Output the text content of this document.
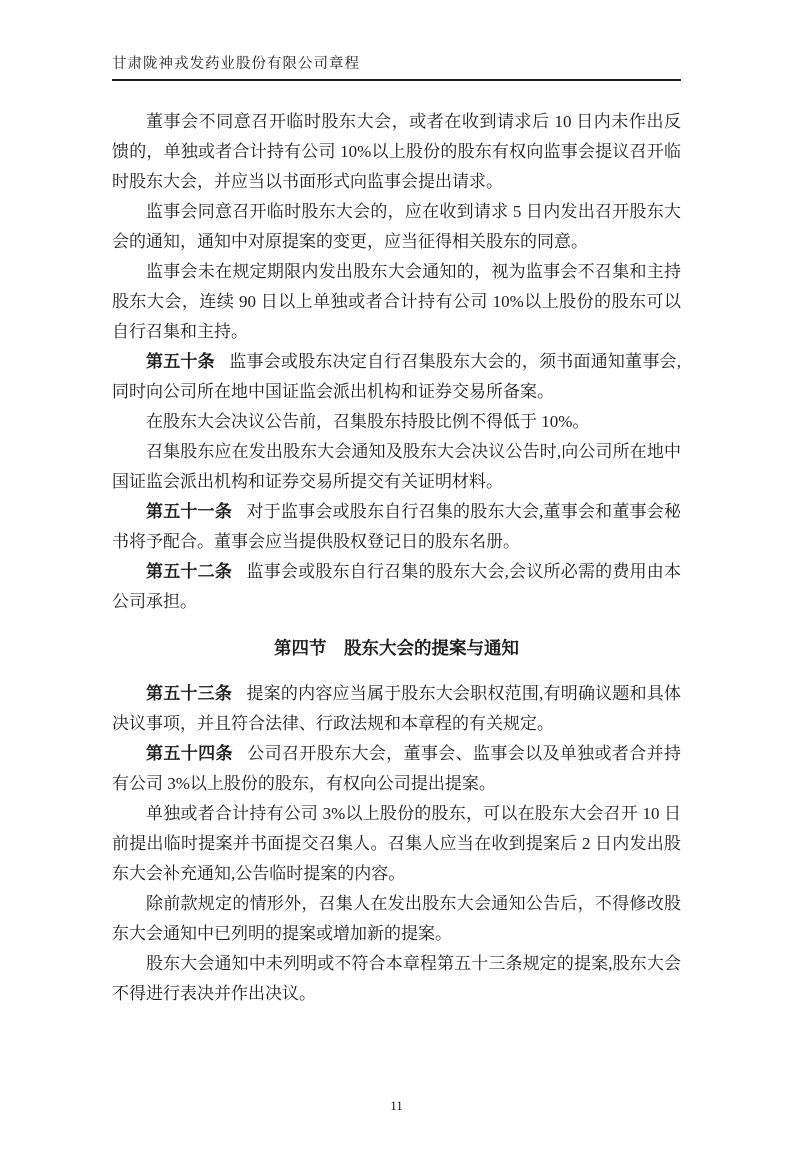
甘肃陇神戎发药业股份有限公司章程

董事会不同意召开临时股东大会，或者在收到请求后 10 日内未作出反馈的，单独或者合计持有公司 10%以上股份的股东有权向监事会提议召开临时股东大会，并应当以书面形式向监事会提出请求。

监事会同意召开临时股东大会的，应在收到请求 5 日内发出召开股东大会的通知，通知中对原提案的变更，应当征得相关股东的同意。

监事会未在规定期限内发出股东大会通知的，视为监事会不召集和主持股东大会，连续 90 日以上单独或者合计持有公司 10%以上股份的股东可以自行召集和主持。

第五十条 监事会或股东决定自行召集股东大会的，须书面通知董事会,同时向公司所在地中国证监会派出机构和证券交易所备案。

在股东大会决议公告前，召集股东持股比例不得低于 10%。

召集股东应在发出股东大会通知及股东大会决议公告时,向公司所在地中国证监会派出机构和证券交易所提交有关证明材料。

第五十一条 对于监事会或股东自行召集的股东大会,董事会和董事会秘书将予配合。董事会应当提供股权登记日的股东名册。

第五十二条 监事会或股东自行召集的股东大会,会议所必需的费用由本公司承担。

第四节　股东大会的提案与通知

第五十三条 提案的内容应当属于股东大会职权范围,有明确议题和具体决议事项，并且符合法律、行政法规和本章程的有关规定。

第五十四条 公司召开股东大会，董事会、监事会以及单独或者合并持有公司 3%以上股份的股东，有权向公司提出提案。

单独或者合计持有公司 3%以上股份的股东，可以在股东大会召开 10 日前提出临时提案并书面提交召集人。召集人应当在收到提案后 2 日内发出股东大会补充通知,公告临时提案的内容。

除前款规定的情形外，召集人在发出股东大会通知公告后，不得修改股东大会通知中已列明的提案或增加新的提案。

股东大会通知中未列明或不符合本章程第五十三条规定的提案,股东大会不得进行表决并作出决议。

11
